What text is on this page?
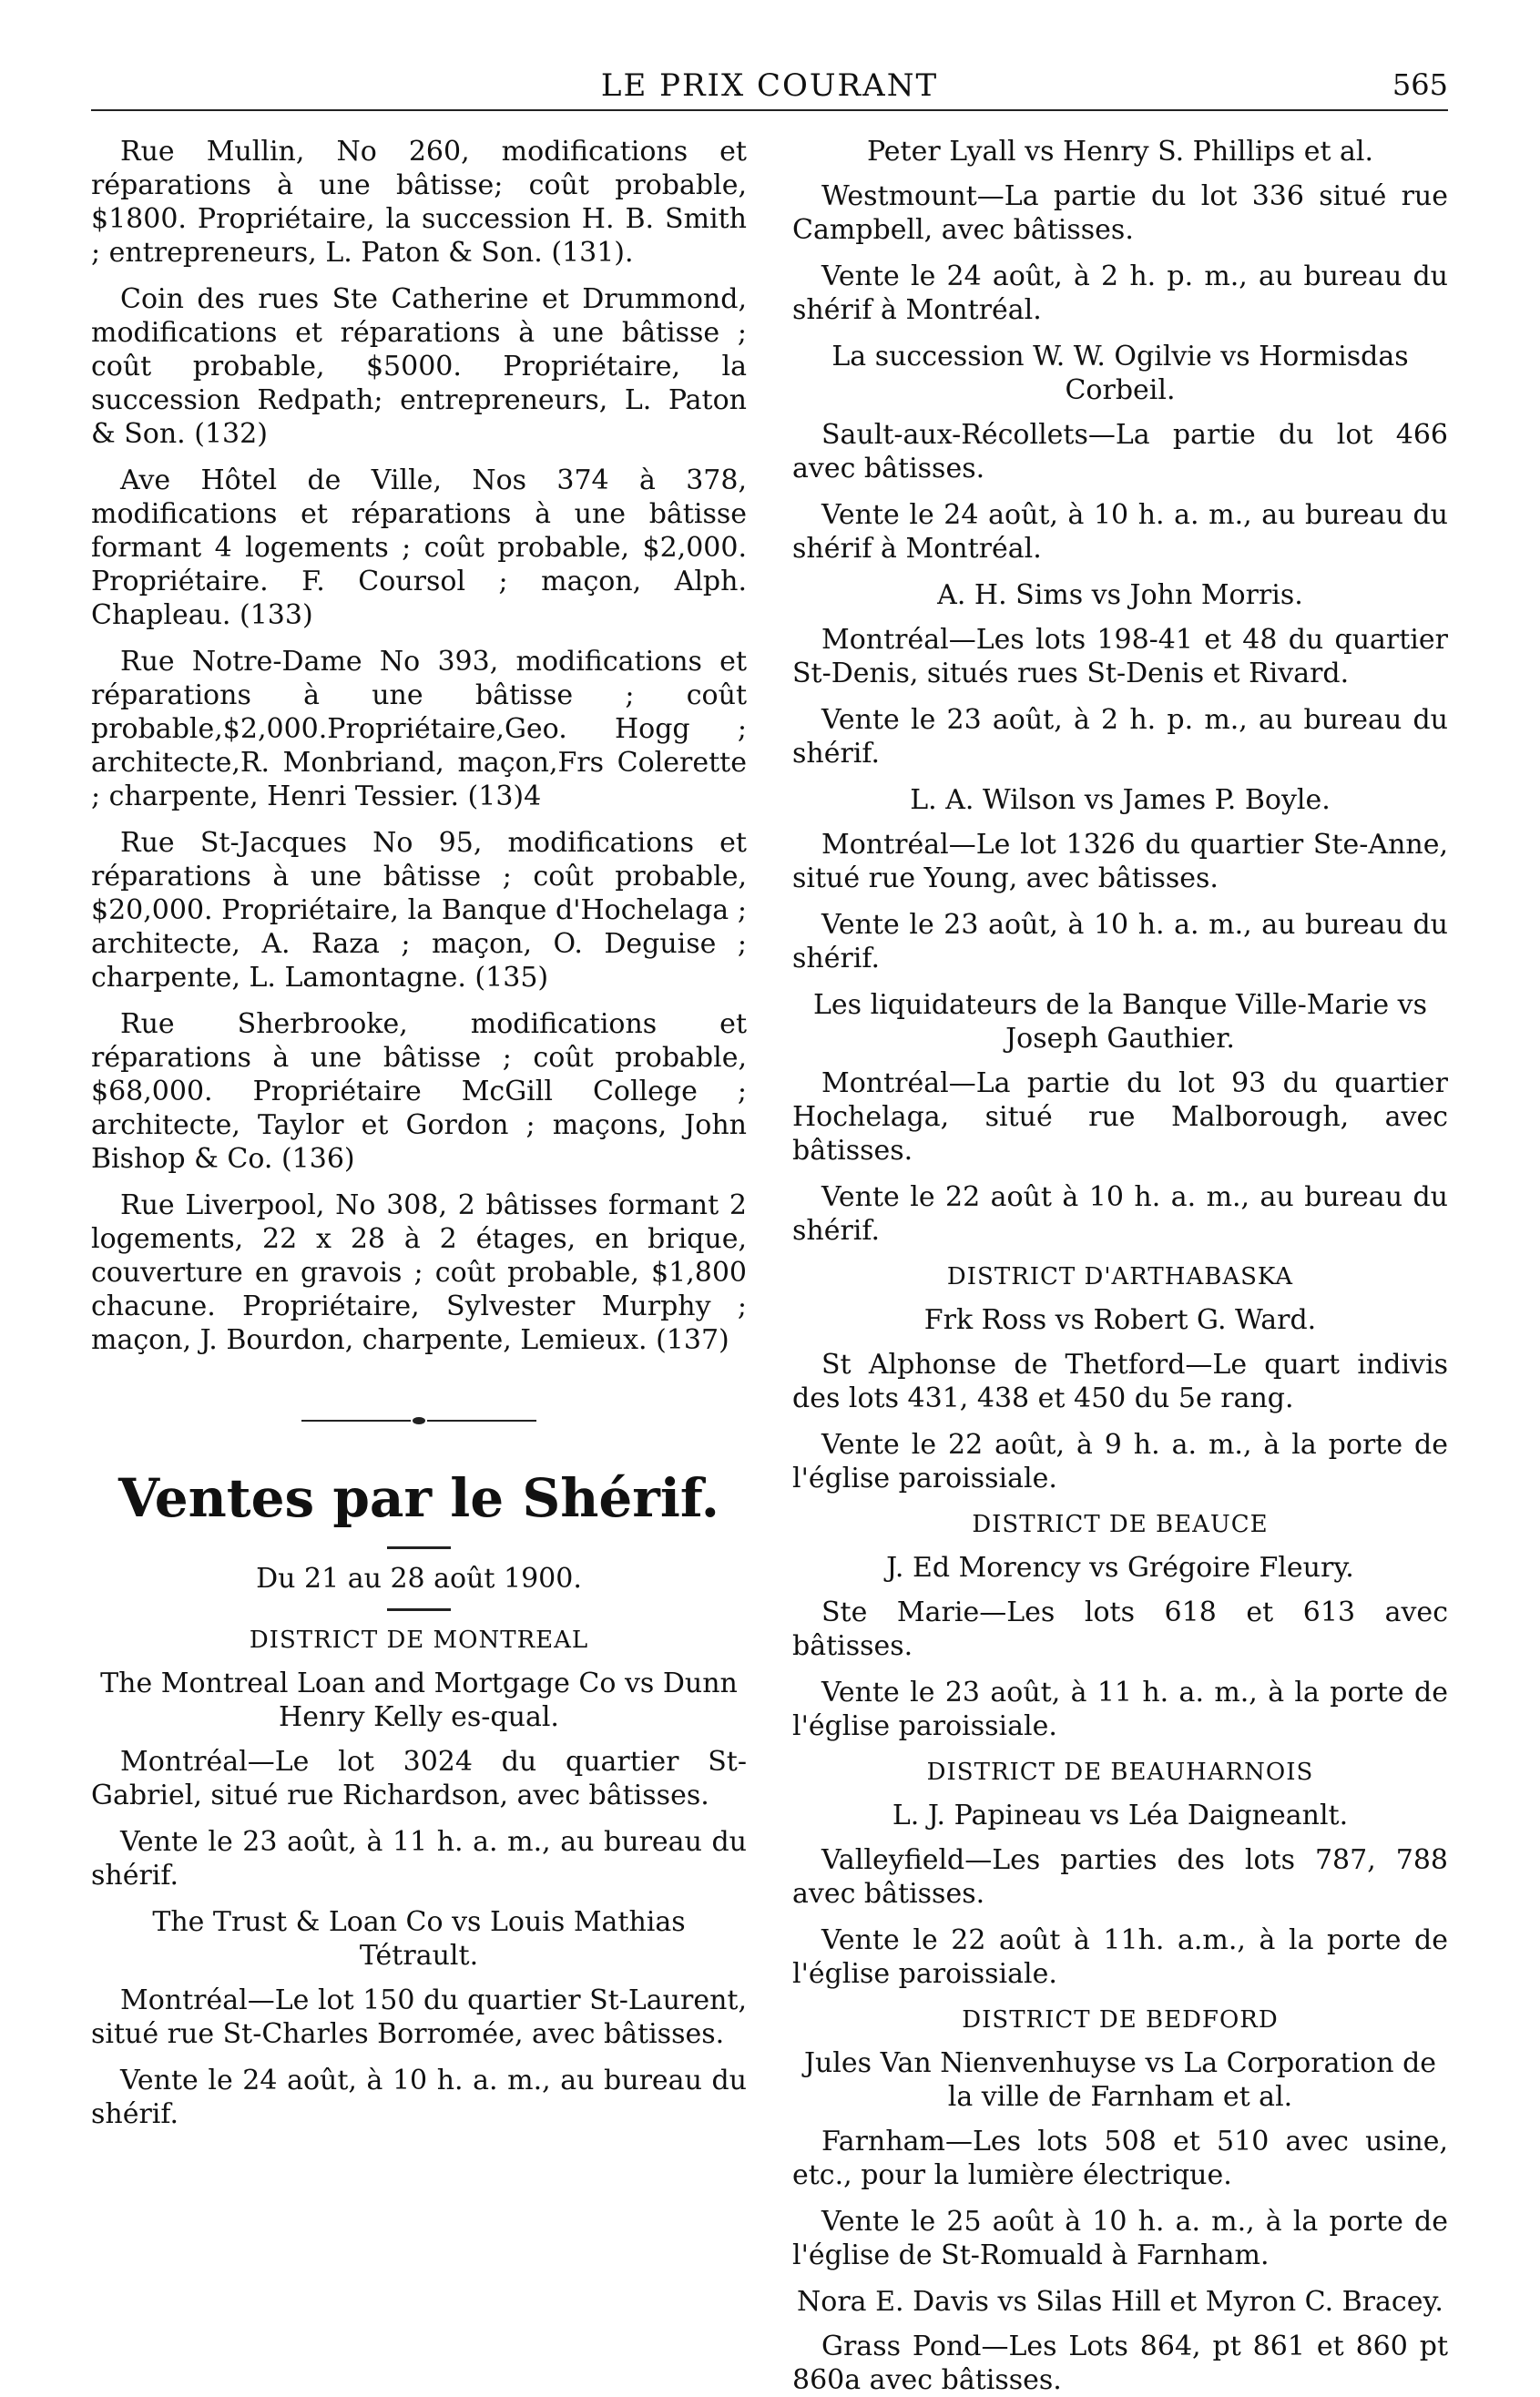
LE PRIX COURANT	565

Rue Mullin, No 260, modifications et réparations à une bâtisse; coût probable, $1800. Propriétaire, la succession H. B. Smith ; entrepreneurs, L. Paton & Son. (131).

Coin des rues Ste Catherine et Drummond, modifications et réparations à une bâtisse ; coût probable, $5000. Propriétaire, la succession Redpath; entrepreneurs, L. Paton & Son. (132)

Ave Hôtel de Ville, Nos 374 à 378, modifications et réparations à une bâtisse formant 4 logements ; coût probable, $2,000. Propriétaire. F. Coursol ; maçon, Alph. Chapleau. (133)

Rue Notre-Dame No 393, modifications et réparations à une bâtisse ; coût probable,$2,000.Propriétaire,Geo. Hogg ; architecte,R. Monbriand, maçon,Frs Colerette ; charpente, Henri Tessier. (13)4

Rue St-Jacques No 95, modifications et réparations à une bâtisse ; coût probable, $20,000. Propriétaire, la Banque d'Hochelaga ; architecte, A. Raza ; maçon, O. Deguise ; charpente, L. Lamontagne. (135)

Rue Sherbrooke, modifications et réparations à une bâtisse ; coût probable, $68,000. Propriétaire McGill College ; architecte, Taylor et Gordon ; maçons, John Bishop & Co. (136)

Rue Liverpool, No 308, 2 bâtisses formant 2 logements, 22 x 28 à 2 étages, en brique, couverture en gravois ; coût probable, $1,800 chacune. Propriétaire, Sylvester Murphy ; maçon, J. Bourdon, charpente, Lemieux. (137)

Ventes par le Shérif.
Du 21 au 28 août 1900.
DISTRICT DE MONTREAL

The Montreal Loan and Mortgage Co vs Dunn Henry Kelly es-qual.

Montréal—Le lot 3024 du quartier St-Gabriel, situé rue Richardson, avec bâtisses.

Vente le 23 août, à 11 h. a. m., au bureau du shérif.

The Trust & Loan Co vs Louis Mathias Tétrault.

Montréal—Le lot 150 du quartier St-Laurent, situé rue St-Charles Borromée, avec bâtisses.

Vente le 24 août, à 10 h. a. m., au bureau du shérif.

Peter Lyall vs Henry S. Phillips et al.

Westmount—La partie du lot 336 situé rue Campbell, avec bâtisses.

Vente le 24 août, à 2 h. p. m., au bureau du shérif à Montréal.

La succession W. W. Ogilvie vs Hormisdas Corbeil.

Sault-aux-Récollets—La partie du lot 466 avec bâtisses.

Vente le 24 août, à 10 h. a. m., au bureau du shérif à Montréal.

A. H. Sims vs John Morris.

Montréal—Les lots 198-41 et 48 du quartier St-Denis, situés rues St-Denis et Rivard.

Vente le 23 août, à 2 h. p. m., au bureau du shérif.

L. A. Wilson vs James P. Boyle.

Montréal—Le lot 1326 du quartier Ste-Anne, situé rue Young, avec bâtisses.

Vente le 23 août, à 10 h. a. m., au bureau du shérif.

Les liquidateurs de la Banque Ville-Marie vs Joseph Gauthier.

Montréal—La partie du lot 93 du quartier Hochelaga, situé rue Malborough, avec bâtisses.

Vente le 22 août à 10 h. a. m., au bureau du shérif.

DISTRICT D'ARTHABASKA

Frk Ross vs Robert G. Ward.

St Alphonse de Thetford—Le quart indivis des lots 431, 438 et 450 du 5e rang.

Vente le 22 août, à 9 h. a. m., à la porte de l'église paroissiale.

DISTRICT DE BEAUCE

J. Ed Morency vs Grégoire Fleury.

Ste Marie—Les lots 618 et 613 avec bâtisses.

Vente le 23 août, à 11 h. a. m., à la porte de l'église paroissiale.

DISTRICT DE BEAUHARNOIS

L. J. Papineau vs Léa Daigneanlt.

Valleyfield—Les parties des lots 787, 788 avec bâtisses.

Vente le 22 août à 11h. a.m., à la porte de l'église paroissiale.

DISTRICT DE BEDFORD

Jules Van Nienvenhuyse vs La Corporation de la ville de Farnham et al.

Farnham—Les lots 508 et 510 avec usine, etc., pour la lumière électrique.

Vente le 25 août à 10 h. a. m., à la porte de l'église de St-Romuald à Farnham.

Nora E. Davis vs Silas Hill et Myron C. Bracey.

Grass Pond—Les Lots 864, pt 861 et 860 pt 860a avec bâtisses.
